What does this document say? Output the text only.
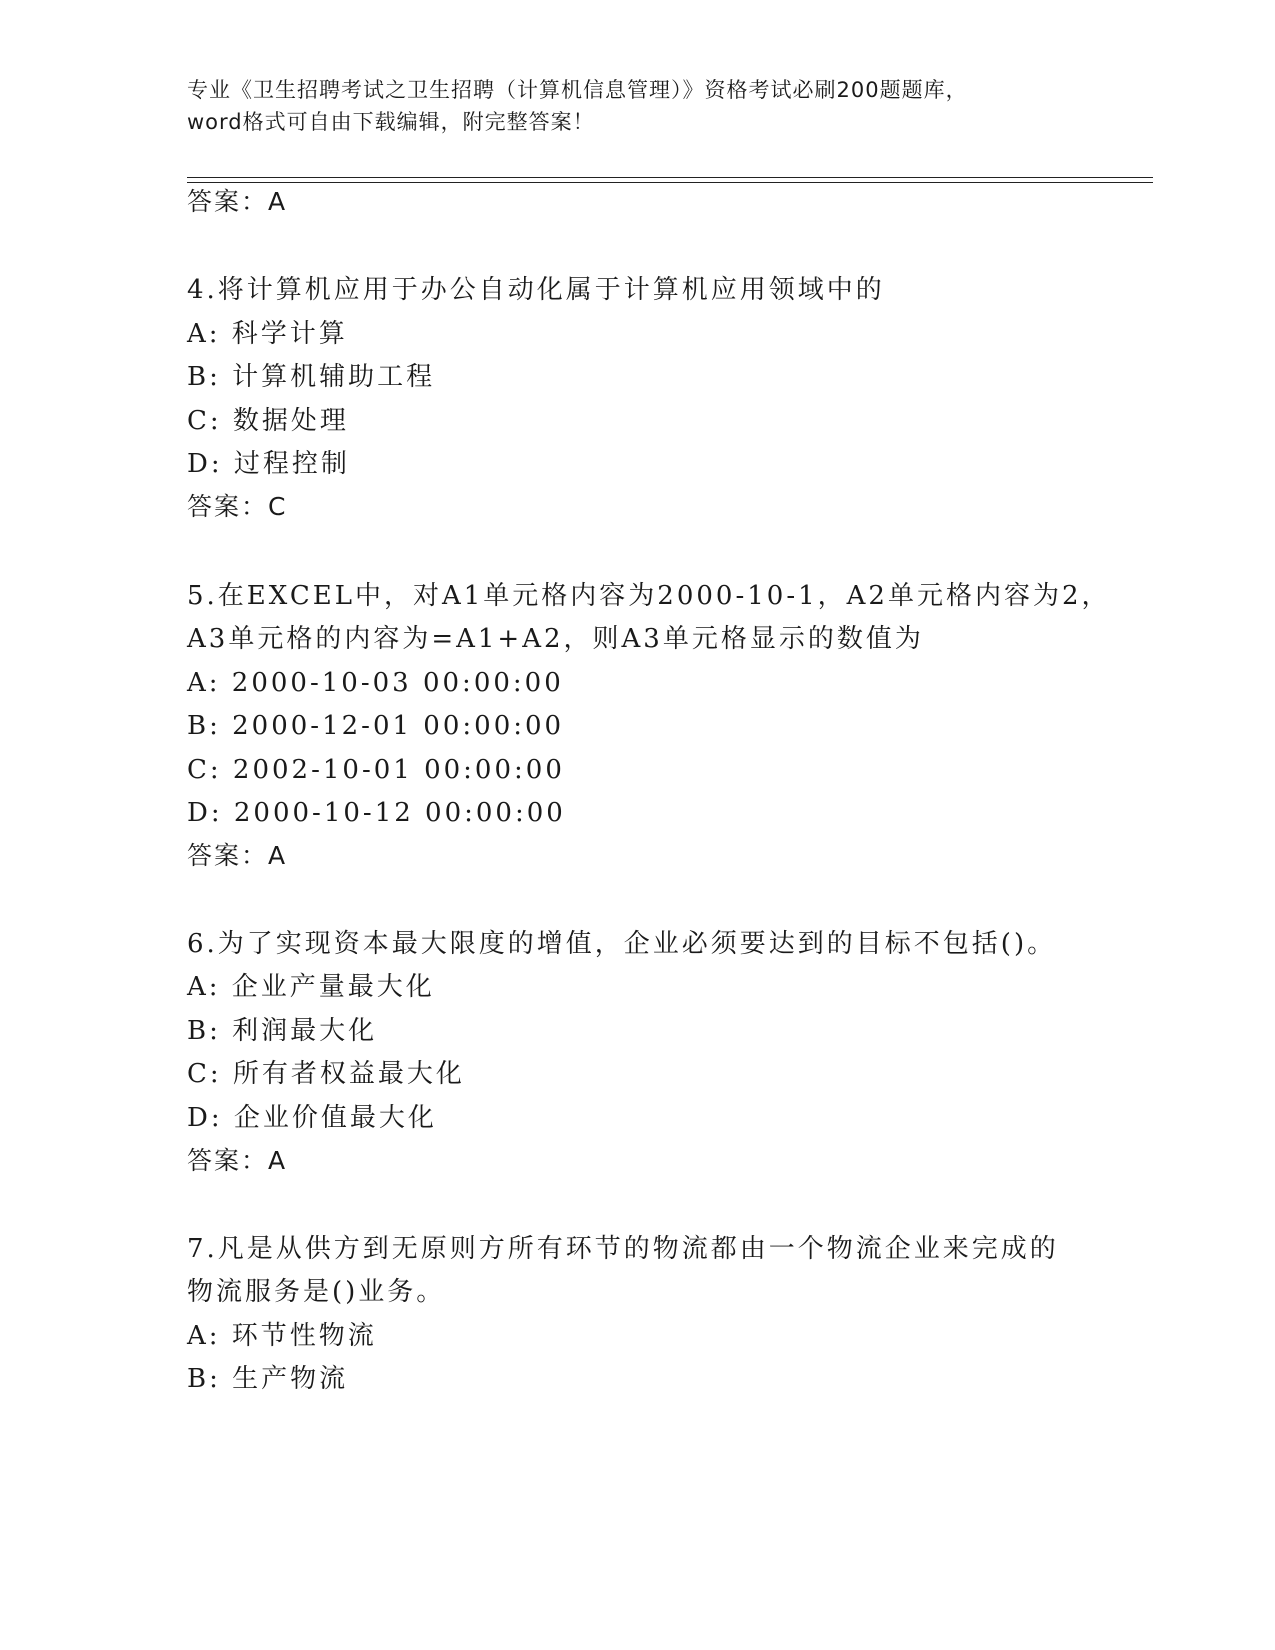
专业《卫生招聘考试之卫生招聘（计算机信息管理）》资格考试必刷200题题库，
word格式可自由下载编辑，附完整答案！
答案：A
4.将计算机应用于办公自动化属于计算机应用领域中的
A: 科学计算
B: 计算机辅助工程
C: 数据处理
D: 过程控制
答案：C
5.在EXCEL中，对A1单元格内容为2000-10-1，A2单元格内容为2，
A3单元格的内容为=A1+A2，则A3单元格显示的数值为
A: 2000-10-03 00:00:00
B: 2000-12-01 00:00:00
C: 2002-10-01 00:00:00
D: 2000-10-12 00:00:00
答案：A
6.为了实现资本最大限度的增值，企业必须要达到的目标不包括()。
A: 企业产量最大化
B: 利润最大化
C: 所有者权益最大化
D: 企业价值最大化
答案：A
7.凡是从供方到无原则方所有环节的物流都由一个物流企业来完成的
物流服务是()业务。
A: 环节性物流
B: 生产物流
